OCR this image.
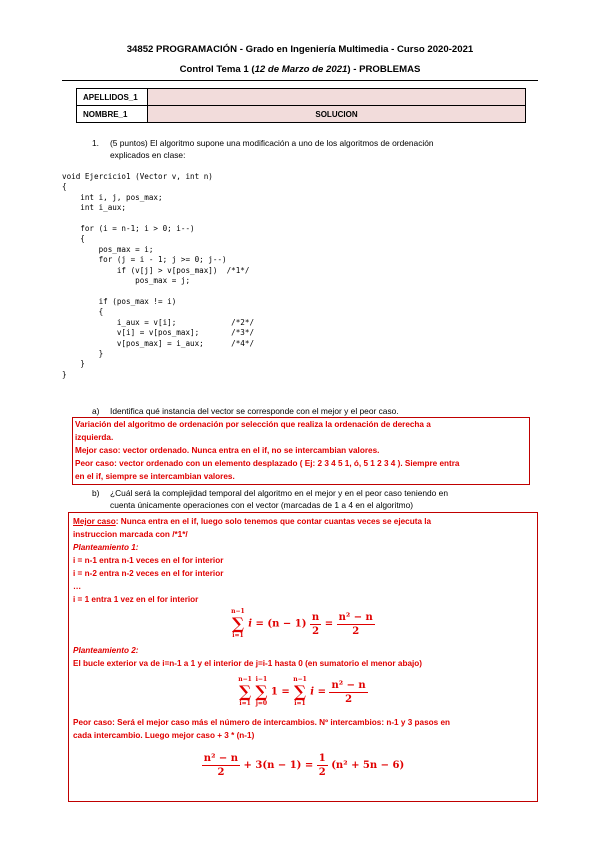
34852 PROGRAMACIÓN - Grado en Ingeniería Multimedia - Curso 2020-2021
Control Tema 1 (12 de Marzo de 2021) - PROBLEMAS
APELLIDOS_1	
NOMBRE_1	SOLUCION
1. (5 puntos) El algoritmo supone una modificación a uno de los algoritmos de ordenación
explicados en clase:
void Ejercicio1 (Vector v, int n)
{
int i, j, pos_max;
int i_aux;

for (i = n-1; i > 0; i--)
{
pos_max = i;
for (j = i - 1; j >= 0; j--)
if (v[j] > v[pos_max])  /*1*/
pos_max = j;

if (pos_max != i)
{
i_aux = v[i];            /*2*/
v[i] = v[pos_max];       /*3*/
v[pos_max] = i_aux;      /*4*/
}
}
}
a) Identifica qué instancia del vector se corresponde con el mejor y el peor caso.
Variación del algoritmo de ordenación por selección que realiza la ordenación de derecha a
izquierda.
Mejor caso: vector ordenado. Nunca entra en el if, no se intercambian valores.
Peor caso: vector ordenado con un elemento desplazado ( Ej: 2 3 4 5 1, ó, 5 1 2 3 4 ). Siempre entra
en el if, siempre se intercambian valores.
b) ¿Cuál será la complejidad temporal del algoritmo en el mejor y en el peor caso teniendo en
cuenta únicamente operaciones con el vector (marcadas de 1 a 4 en el algoritmo)
Mejor caso: Nunca entra en el if, luego solo tenemos que contar cuantas veces se ejecuta la
instruccion marcada con /*1*/
Planteamiento 1:
i = n-1 entra n-1 veces en el for interior
i = n-2 entra n-2 veces en el for interior
…
i = 1 entra 1 vez en el for interior
n−1
∑
i=1
$i = (n - 1) \frac{n}{2} = \frac{\text{n² − n}}{2}$
Planteamiento 2:
El bucle exterior va de i=n-1 a 1 y el interior de j=i-1 hasta 0 (en sumatorio el menor abajo)
n−1
∑
i=1

i−1
∑
j=0
1 =
n−1
∑
i=1
$i = \frac{\text{n² − n}}{2}$
Peor caso: Será el mejor caso más el número de intercambios. Nº intercambios: n-1 y 3 pasos en
cada intercambio. Luego mejor caso + 3 * (n-1)
$\frac{\text{n² − n}}{2} + 3(n - 1) = \frac{1}{2} (n^2 + 5n - 6)$
